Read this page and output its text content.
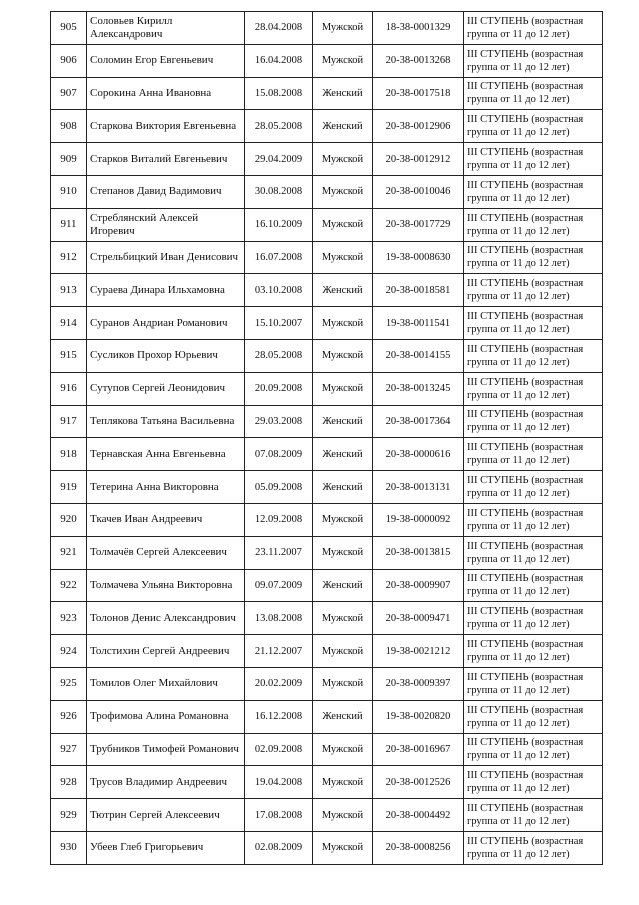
905	Соловьев Кирилл Александрович	28.04.2008	Мужской	18-38-0001329	III СТУПЕНЬ (возрастная группа от 11 до 12 лет)
906	Соломин Егор Евгеньевич	16.04.2008	Мужской	20-38-0013268	III СТУПЕНЬ (возрастная группа от 11 до 12 лет)
907	Сорокина Анна Ивановна	15.08.2008	Женский	20-38-0017518	III СТУПЕНЬ (возрастная группа от 11 до 12 лет)
908	Старкова Виктория Евгеньевна	28.05.2008	Женский	20-38-0012906	III СТУПЕНЬ (возрастная группа от 11 до 12 лет)
909	Старков Виталий Евгеньевич	29.04.2009	Мужской	20-38-0012912	III СТУПЕНЬ (возрастная группа от 11 до 12 лет)
910	Степанов Давид Вадимович	30.08.2008	Мужской	20-38-0010046	III СТУПЕНЬ (возрастная группа от 11 до 12 лет)
911	Стреблянский Алексей Игоревич	16.10.2009	Мужской	20-38-0017729	III СТУПЕНЬ (возрастная группа от 11 до 12 лет)
912	Стрельбицкий Иван Денисович	16.07.2008	Мужской	19-38-0008630	III СТУПЕНЬ (возрастная группа от 11 до 12 лет)
913	Сураева Динара Ильхамовна	03.10.2008	Женский	20-38-0018581	III СТУПЕНЬ (возрастная группа от 11 до 12 лет)
914	Суранов Андриан Романович	15.10.2007	Мужской	19-38-0011541	III СТУПЕНЬ (возрастная группа от 11 до 12 лет)
915	Сусликов Прохор Юрьевич	28.05.2008	Мужской	20-38-0014155	III СТУПЕНЬ (возрастная группа от 11 до 12 лет)
916	Сутупов Сергей Леонидович	20.09.2008	Мужской	20-38-0013245	III СТУПЕНЬ (возрастная группа от 11 до 12 лет)
917	Теплякова Татьяна Васильевна	29.03.2008	Женский	20-38-0017364	III СТУПЕНЬ (возрастная группа от 11 до 12 лет)
918	Тернавская Анна Евгеньевна	07.08.2009	Женский	20-38-0000616	III СТУПЕНЬ (возрастная группа от 11 до 12 лет)
919	Тетерина Анна Викторовна	05.09.2008	Женский	20-38-0013131	III СТУПЕНЬ (возрастная группа от 11 до 12 лет)
920	Ткачев Иван Андреевич	12.09.2008	Мужской	19-38-0000092	III СТУПЕНЬ (возрастная группа от 11 до 12 лет)
921	Толмачёв Сергей Алексеевич	23.11.2007	Мужской	20-38-0013815	III СТУПЕНЬ (возрастная группа от 11 до 12 лет)
922	Толмачева Ульяна Викторовна	09.07.2009	Женский	20-38-0009907	III СТУПЕНЬ (возрастная группа от 11 до 12 лет)
923	Толонов Денис Александрович	13.08.2008	Мужской	20-38-0009471	III СТУПЕНЬ (возрастная группа от 11 до 12 лет)
924	Толстихин Сергей Андреевич	21.12.2007	Мужской	19-38-0021212	III СТУПЕНЬ (возрастная группа от 11 до 12 лет)
925	Томилов Олег Михайлович	20.02.2009	Мужской	20-38-0009397	III СТУПЕНЬ (возрастная группа от 11 до 12 лет)
926	Трофимова Алина Романовна	16.12.2008	Женский	19-38-0020820	III СТУПЕНЬ (возрастная группа от 11 до 12 лет)
927	Трубников Тимофей Романович	02.09.2008	Мужской	20-38-0016967	III СТУПЕНЬ (возрастная группа от 11 до 12 лет)
928	Трусов Владимир Андреевич	19.04.2008	Мужской	20-38-0012526	III СТУПЕНЬ (возрастная группа от 11 до 12 лет)
929	Тютрин Сергей Алексеевич	17.08.2008	Мужской	20-38-0004492	III СТУПЕНЬ (возрастная группа от 11 до 12 лет)
930	Убеев Глеб Григорьевич	02.08.2009	Мужской	20-38-0008256	III СТУПЕНЬ (возрастная группа от 11 до 12 лет)
